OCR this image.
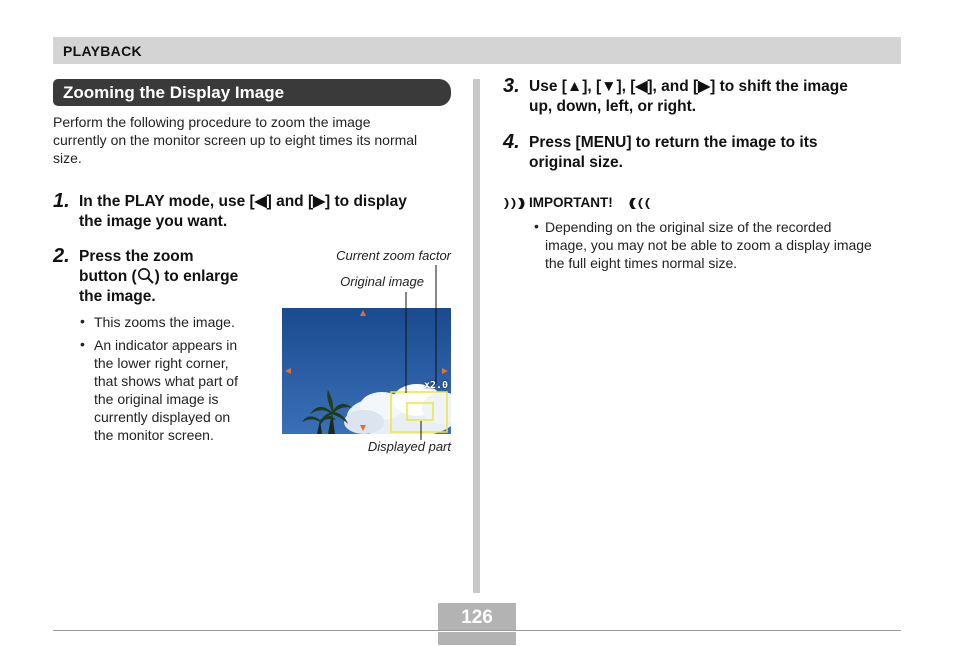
PLAYBACK
Zooming the Display Image
Perform the following procedure to zoom the image
currently on the monitor screen up to eight times its normal
size.
1. In the PLAY mode, use [◀] and [▶] to display
the image you want.
2. Press the zoom
button ( ) to enlarge
the image.
• This zooms the image.
• An indicator appears in
the lower right corner,
that shows what part of
the original image is
currently displayed on
the monitor screen.
Current zoom factor
Original image
Displayed part
x2.0
3. Use [▲], [▼], [◀], and [▶] to shift the image
up, down, left, or right.
4. Press [MENU] to return the image to its
original size.
IMPORTANT!
• Depending on the original size of the recorded
image, you may not be able to zoom a display image
the full eight times normal size.
126
